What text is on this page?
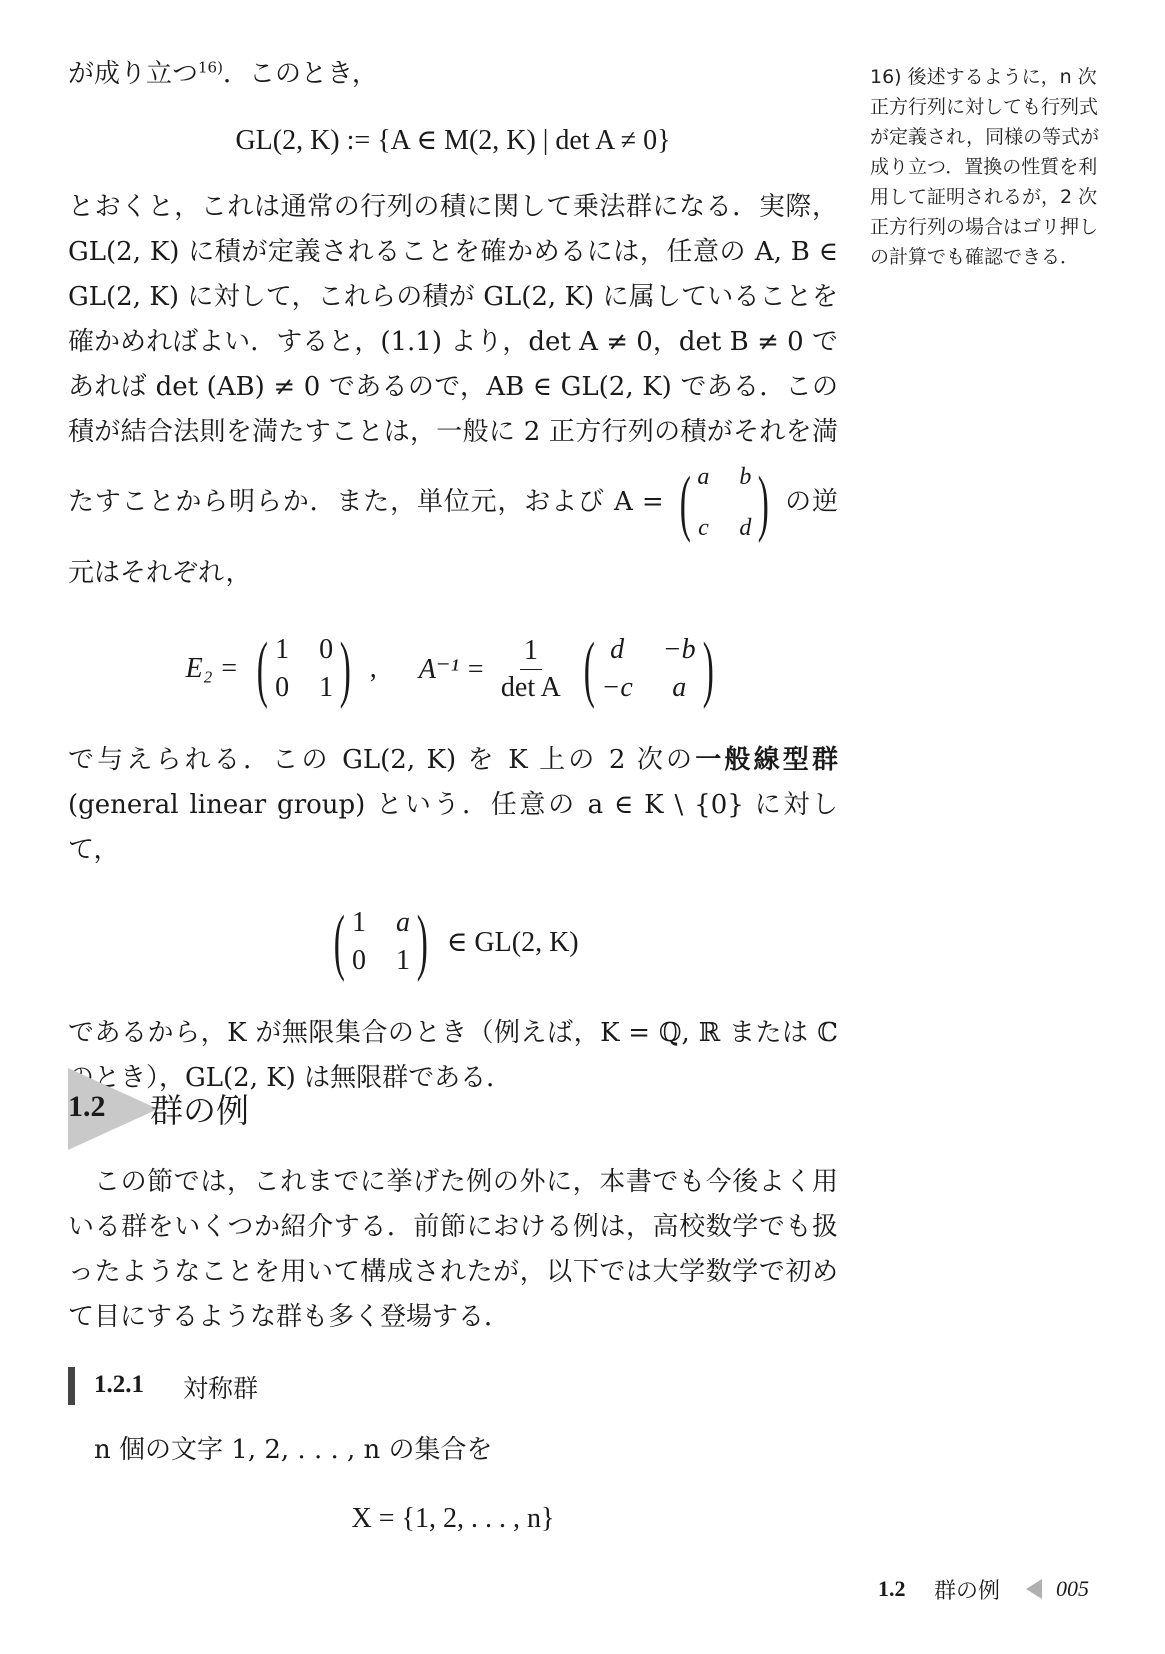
が成り立つ$^{16)}$．このとき，

GL(2, K) := {A ∈ M(2, K) | det A ≠ 0}

とおくと，これは通常の行列の積に関して乗法群になる．実際，GL(2, K) に積が定義されることを確かめるには，任意の A, B ∈ GL(2, K) に対して，これらの積が GL(2, K) に属していることを確かめればよい．すると，(1.1) より，det A ≠ 0，det B ≠ 0 であれば det (AB) ≠ 0 であるので，AB ∈ GL(2, K) である．この積が結合法則を満たすことは，一般に 2 正方行列の積がそれを満たすことから明らか．また，単位元，および A = ( a b
c d ) の逆元はそれぞれ，

E₂ = ( 1 0
0 1 ) , $A^{-1} = \frac{1}{\text{det A}}$ ( d	−b
−c	a )

で与えられる．この GL(2, K) を K 上の 2 次の一般線型群 (general linear group) という．任意の a ∈ K \ {0} に対して，

( 1 a
0 1 ) ∈ GL(2, K)

であるから，K が無限集合のとき（例えば，K = ℚ, ℝ または ℂ のとき），GL(2, K) は無限群である．

16) 後述するように，n 次正方行列に対しても行列式が定義され，同様の等式が成り立つ．置換の性質を利用して証明されるが，2 次正方行列の場合はゴリ押しの計算でも確認できる．
1.2 群の例

この節では，これまでに挙げた例の外に，本書でも今後よく用いる群をいくつか紹介する．前節における例は，高校数学でも扱ったようなことを用いて構成されたが，以下では大学数学で初めて目にするような群も多く登場する．

1.2.1 対称群

n 個の文字 1, 2, . . . , n の集合を

X = {1, 2, . . . , n}
1.2 群の例	005
